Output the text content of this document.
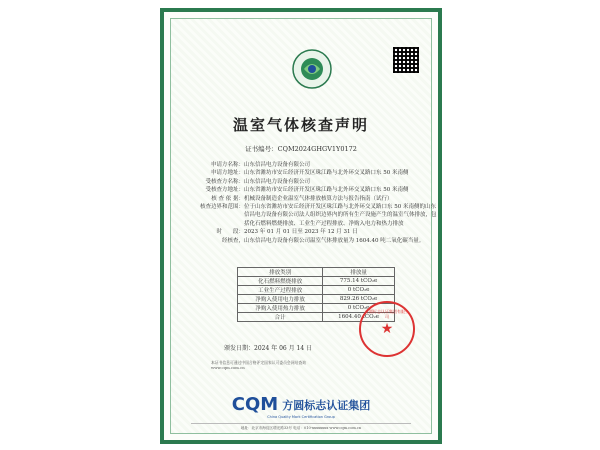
温室气体核查声明
证书编号：CQM2024GHGV1Y0172
申请方名称： 山东信昌电力设备有限公司
申请方地址： 山东省潍坊市安丘经济开发区珠江路与北外环交叉路口东 50 米南侧
受核查方名称： 山东信昌电力设备有限公司
受核查方地址： 山东省潍坊市安丘经济开发区珠江路与北外环交叉路口东 50 米南侧
核 查 依 据： 机械设备制造企业温室气体排放核算方法与报告指南（试行）
核查边界和范围： 位于山东省潍坊市安丘经济开发区珠江路与北外环交叉路口东 50 米南侧的山东信昌电力设备有限公司法人组织边界内的所有生产设施产生的温室气体排放，包括化石燃料燃烧排放、工业生产过程排放、净购入电力和热力排放
时　　段： 2023 年 01 月 01 日至 2023 年 12 月 31 日
经核查， 山东信昌电力设备有限公司温室气体排放量为 1604.40 吨二氧化碳当量。
排放类别	排放量
化石燃料燃烧排放	775.14 tCO₂e
工业生产过程排放	0 tCO₂e
净购入使用电力排放	829.26 tCO₂e
净购入使用热力排放	0 tCO₂e
合计	1604.40 tCO₂e
颁发日期：2024 年 06 月 14 日
方圆标志认证集团有限公司
★
本证书信息可通过中国合格评定国家认可委员会网站查询 www.cqm.com.cn
CQM 方圆标志认证集团
China Quality Mark Certification Group
地址：北京市海淀区增光路33号 电话：010-xxxxxxxx www.cqm.com.cn
